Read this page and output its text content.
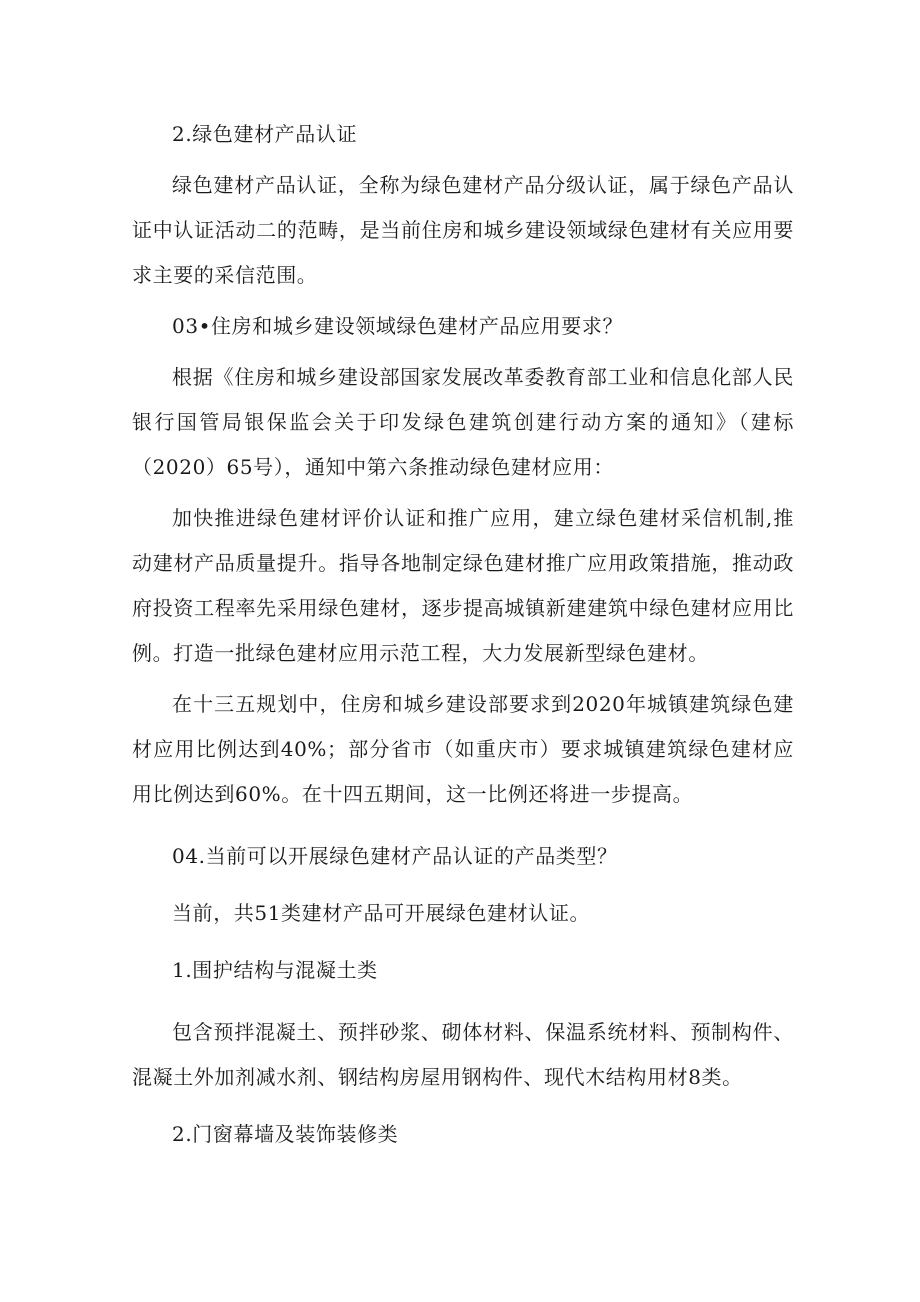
2.绿色建材产品认证

绿色建材产品认证，全称为绿色建材产品分级认证，属于绿色产品认证中认证活动二的范畴，是当前住房和城乡建设领域绿色建材有关应用要求主要的采信范围。

03•住房和城乡建设领域绿色建材产品应用要求？

根据《住房和城乡建设部国家发展改革委教育部工业和信息化部人民银行国管局银保监会关于印发绿色建筑创建行动方案的通知》（建标（2020）65号），通知中第六条推动绿色建材应用：

加快推进绿色建材评价认证和推广应用，建立绿色建材采信机制,推动建材产品质量提升。指导各地制定绿色建材推广应用政策措施，推动政府投资工程率先采用绿色建材，逐步提高城镇新建建筑中绿色建材应用比例。打造一批绿色建材应用示范工程，大力发展新型绿色建材。

在十三五规划中，住房和城乡建设部要求到2020年城镇建筑绿色建材应用比例达到40%；部分省市（如重庆市）要求城镇建筑绿色建材应用比例达到60%。在十四五期间，这一比例还将进一步提高。

04.当前可以开展绿色建材产品认证的产品类型？

当前，共51类建材产品可开展绿色建材认证。

1.围护结构与混凝土类

包含预拌混凝土、预拌砂浆、砌体材料、保温系统材料、预制构件、混凝土外加剂减水剂、钢结构房屋用钢构件、现代木结构用材8类。

2.门窗幕墙及装饰装修类
